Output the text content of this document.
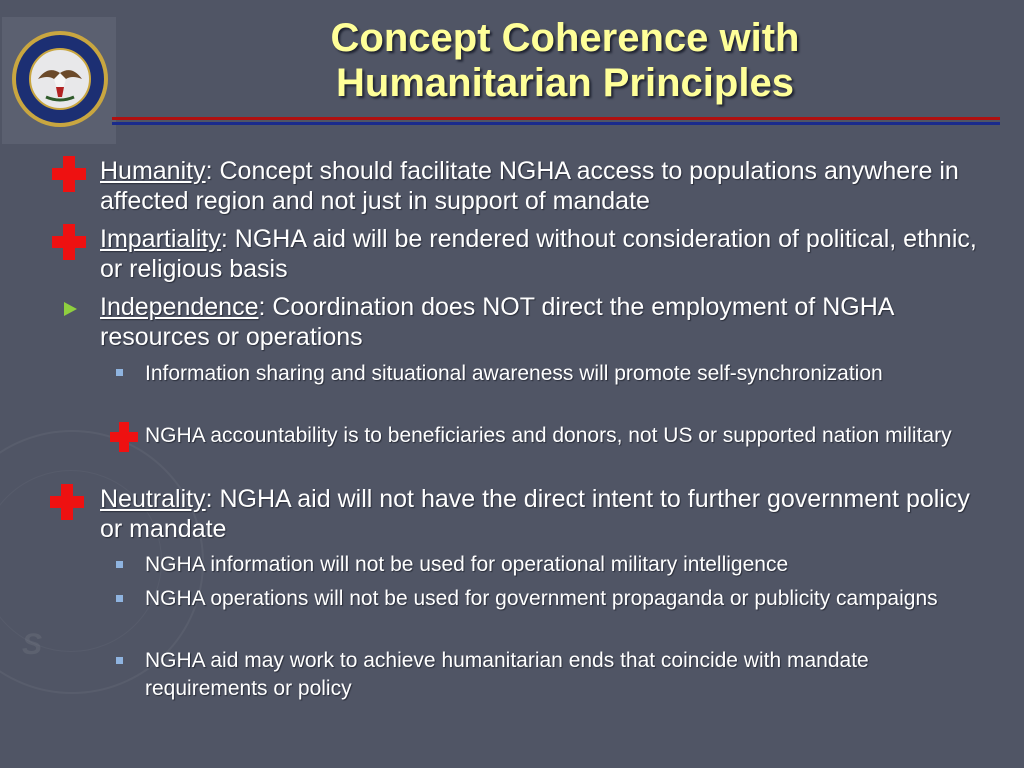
S
Concept Coherence with
Humanitarian Principles
Humanity: Concept should facilitate NGHA access to populations anywhere in affected region and not just in support of mandate
Impartiality: NGHA aid will be rendered without consideration of political, ethnic, or religious basis
Independence: Coordination does NOT direct the employment of NGHA resources or operations
Information sharing and situational awareness will promote self-synchronization
NGHA accountability is to beneficiaries and donors, not US or supported nation military
Neutrality: NGHA aid will not have the direct intent to further government policy or mandate
NGHA information will not be used for operational military intelligence
NGHA operations will not be used for government propaganda or publicity campaigns
NGHA aid may work to achieve humanitarian ends that coincide with mandate requirements or policy
